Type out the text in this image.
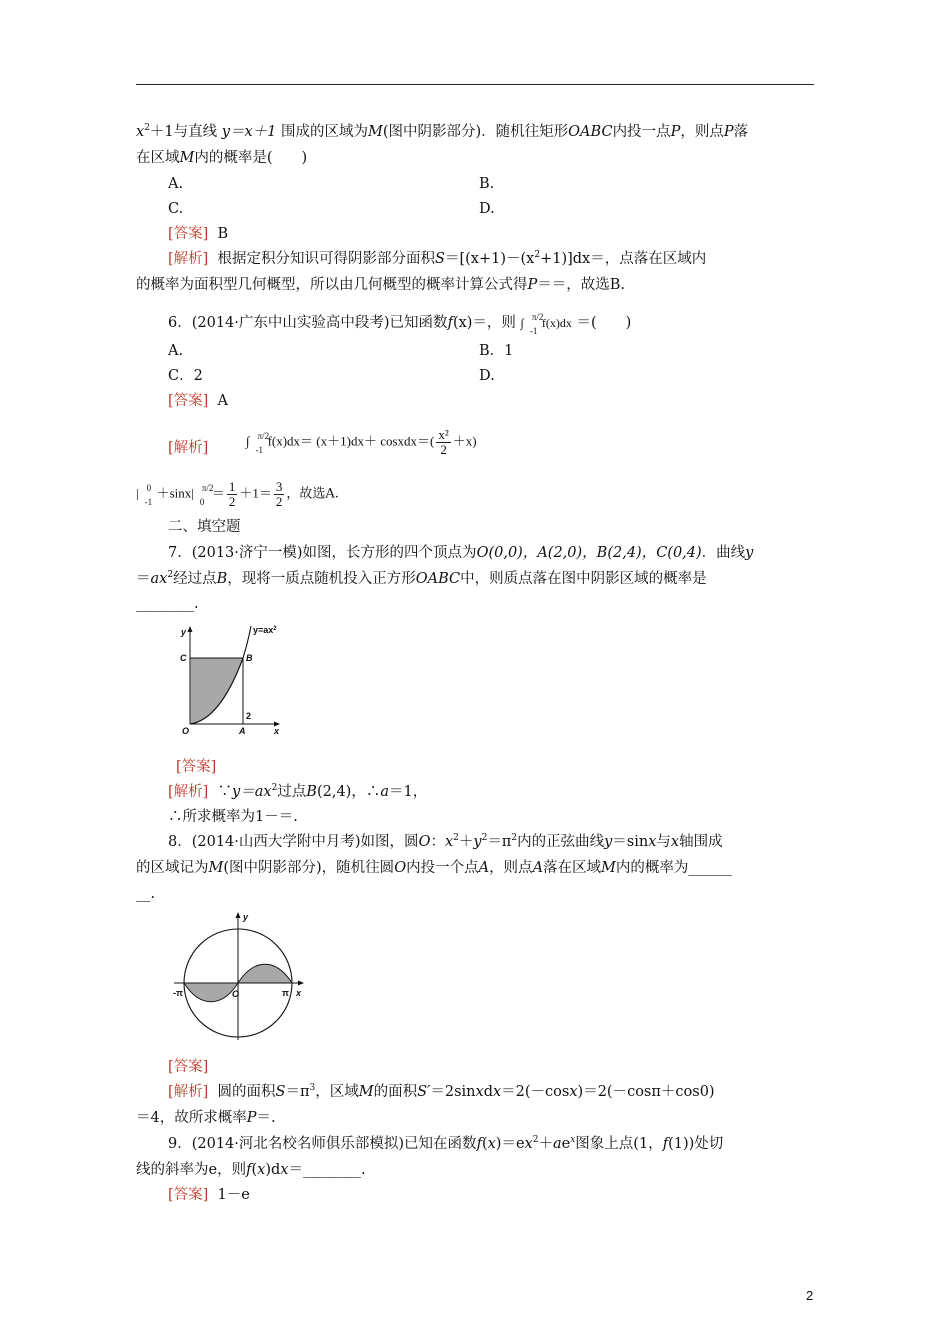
$x^2+1$与直线 y＝x＋1 围成的区域为M(图中阴影部分)．随机往矩形OABC内投一点P，则点P落
在区域M内的概率是(　　)
A.	B.
C.	D.
[答案] B
[解析] 根据定积分知识可得阴影部分面积$S=[(x+1)-(x^2+1)]dx=$，点落在区域内
的概率为面积型几何概型，所以由几何概型的概率计算公式得P＝＝，故选B.
6．(2014·广东中山实验高中段考)已知函数f(x)＝，则 ∫ π/2
-1
f(x)dx ＝(　　)
A.	B．1
C．2	D.
[答案] A
[解析]	∫ π/2
-1
f(x)dx＝ (x＋1)dx＋ cosxdx＝( $\frac{\text{x²}}{2} +x$)
| 0
-1
＋sinx| π/2
0
＝ $\frac{1}{2} +1= \frac{3}{2}$ ，故选A.
二、填空题
7．(2013·济宁一模)如图，长方形的四个顶点为O(0,0)，A(2,0)，B(2,4)，C(0,4)．曲线y
$=ax^2$经过点B，现将一质点随机投入正方形OABC中，则质点落在图中阴影区域的概率是
________.
$y=ax^2$
y
C	B
2
O	A	x
[答案]
[解析] $\because y=ax^2$过点B(2,4)，∴a＝1，
∴所求概率为1－＝.
8．(2014·山西大学附中月考)如图，圆O：$x^2+y^2=\pi^2$内的正弦曲线y＝sinx与x轴围成
的区域记为M(图中阴影部分)，随机往圆O内投一个点A，则点A落在区域M内的概率为______
__.
y
-π	O	π x
[答案]
[解析] 圆的面积$S=\pi^3$，区域M的面积S′＝2sinxdx＝2(－cosx)＝2(－cosπ＋cos0)
＝4，故所求概率P＝.
9．(2014·河北名校名师俱乐部模拟)已知在函数$f(x)=ex^2+ae^x$图象上点(1，f(1))处切
线的斜率为e，则f(x)dx＝________.
[答案] 1－e
2
